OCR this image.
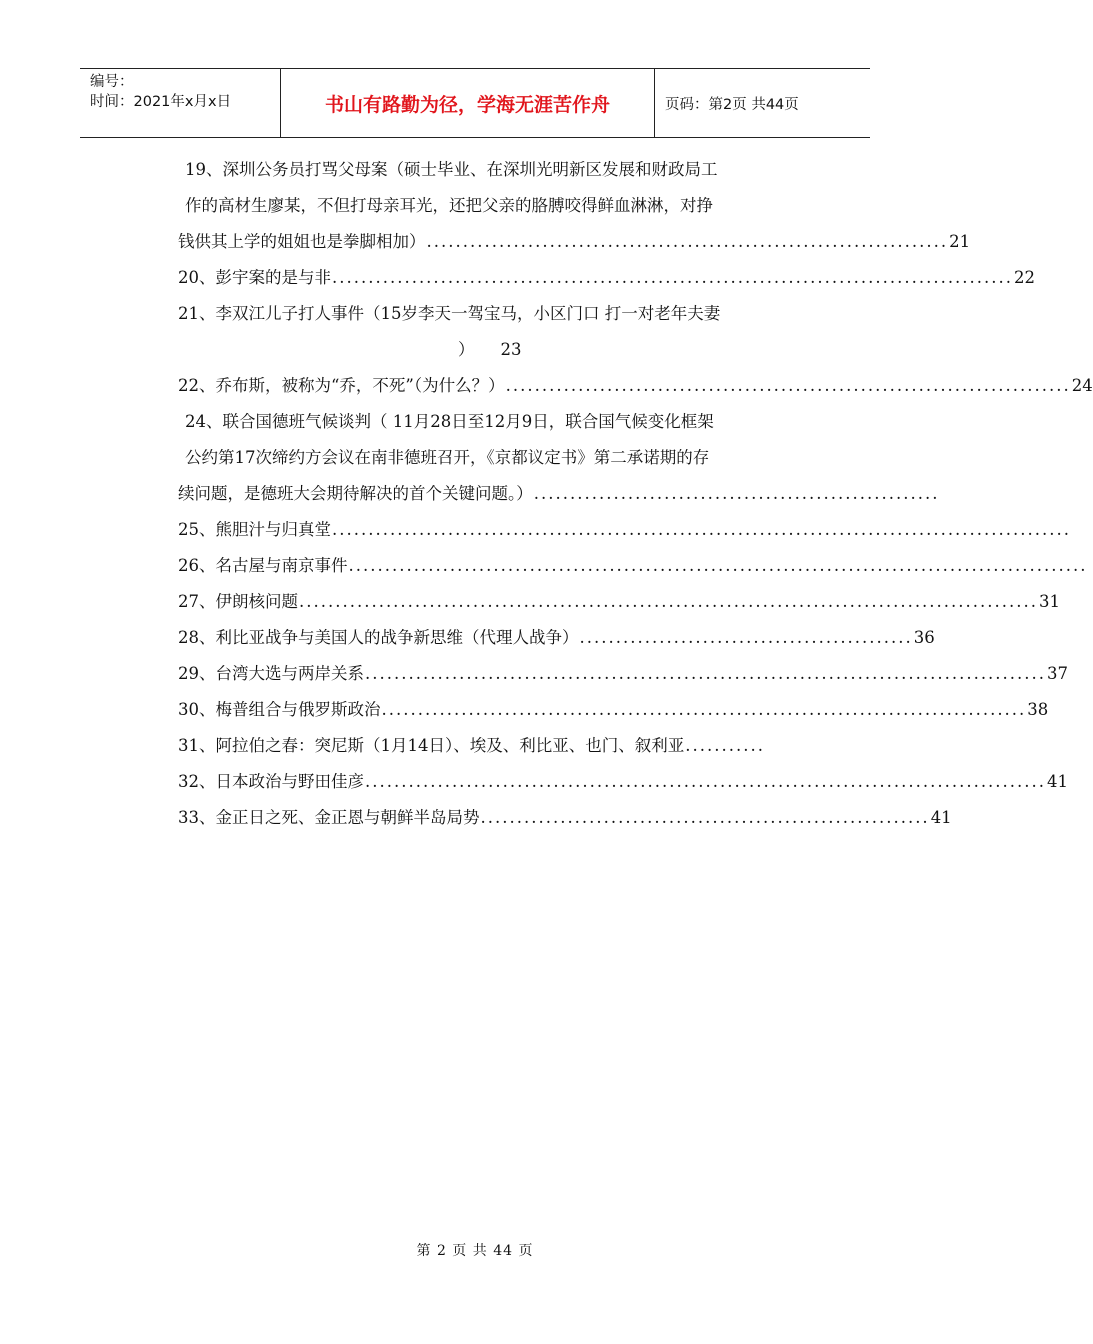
编号：
时间：2021年x月x日	书山有路勤为径，学海无涯苦作舟	页码：第2页 共44页
19、深圳公务员打骂父母案（硕士毕业、在深圳光明新区发展和财政局工
作的高材生廖某，不但打母亲耳光，还把父亲的胳膊咬得鲜血淋淋，对挣
钱供其上学的姐姐也是拳脚相加） ........................................................................ 21
20、彭宇案的是与非 .............................................................................................. 22
21、李双江儿子打人事件（15岁李天一驾宝马，小区门口 打一对老年夫妻
） 23
22、乔布斯，被称为“乔，不死”（为什么？） .............................................................................. 24
24、联合国德班气候谈判（ 11月28日至12月9日，联合国气候变化框架
公约第17次缔约方会议在南非德班召开，《京都议定书》第二承诺期的存
续问题，是德班大会期待解决的首个关键问题。） ........................................................
25、熊胆汁与归真堂 ......................................................................................................
26、名古屋与南京事件 ......................................................................................................
27、伊朗核问题 ...................................................................................................... 31
28、利比亚战争与美国人的战争新思维（代理人战争） .............................................. 36
29、台湾大选与两岸关系 .............................................................................................. 37
30、梅普组合与俄罗斯政治 ......................................................................................... 38
31、阿拉伯之春：突尼斯（1月14日）、埃及、利比亚、也门、叙利亚 ...........
32、日本政治与野田佳彦 .............................................................................................. 41
33、金正日之死、金正恩与朝鲜半岛局势 .............................................................. 41
第 2 页 共 44 页
